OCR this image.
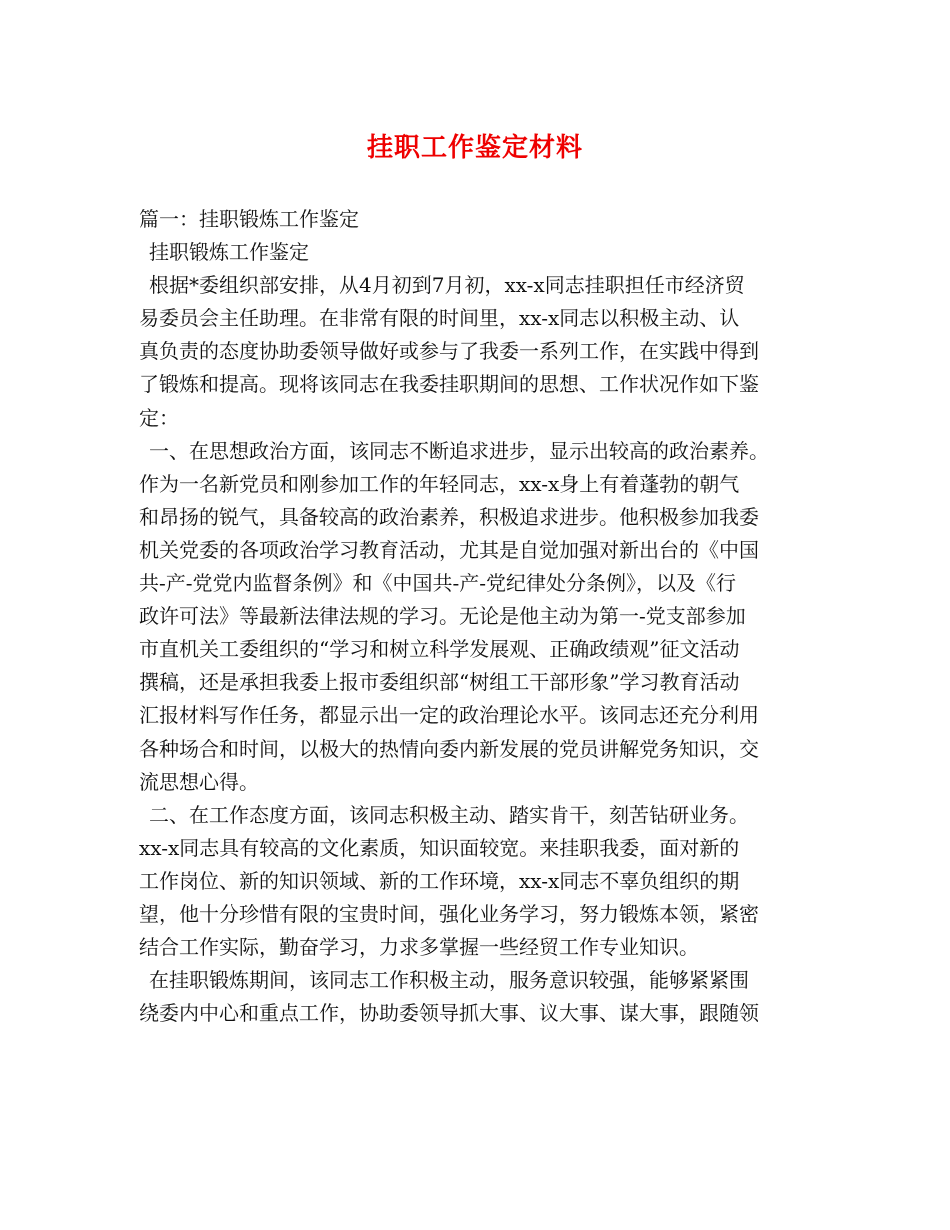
挂职工作鉴定材料
篇一：挂职锻炼工作鉴定
挂职锻炼工作鉴定
根据*委组织部安排，从4月初到7月初，xx-x同志挂职担任市经济贸
易委员会主任助理。在非常有限的时间里，xx-x同志以积极主动、认
真负责的态度协助委领导做好或参与了我委一系列工作，在实践中得到
了锻炼和提高。现将该同志在我委挂职期间的思想、工作状况作如下鉴
定：
一、在思想政治方面，该同志不断追求进步，显示出较高的政治素养。
作为一名新党员和刚参加工作的年轻同志，xx-x身上有着蓬勃的朝气
和昂扬的锐气，具备较高的政治素养，积极追求进步。他积极参加我委
机关党委的各项政治学习教育活动，尤其是自觉加强对新出台的《中国
共-产-党党内监督条例》和《中国共-产-党纪律处分条例》，以及《行
政许可法》等最新法律法规的学习。无论是他主动为第一-党支部参加
市直机关工委组织的“学习和树立科学发展观、正确政绩观”征文活动
撰稿，还是承担我委上报市委组织部“树组工干部形象”学习教育活动
汇报材料写作任务，都显示出一定的政治理论水平。该同志还充分利用
各种场合和时间，以极大的热情向委内新发展的党员讲解党务知识，交
流思想心得。
二、在工作态度方面，该同志积极主动、踏实肯干，刻苦钻研业务。
xx-x同志具有较高的文化素质，知识面较宽。来挂职我委，面对新的
工作岗位、新的知识领域、新的工作环境，xx-x同志不辜负组织的期
望，他十分珍惜有限的宝贵时间，强化业务学习，努力锻炼本领，紧密
结合工作实际，勤奋学习，力求多掌握一些经贸工作专业知识。
在挂职锻炼期间，该同志工作积极主动，服务意识较强，能够紧紧围
绕委内中心和重点工作，协助委领导抓大事、议大事、谋大事，跟随领
